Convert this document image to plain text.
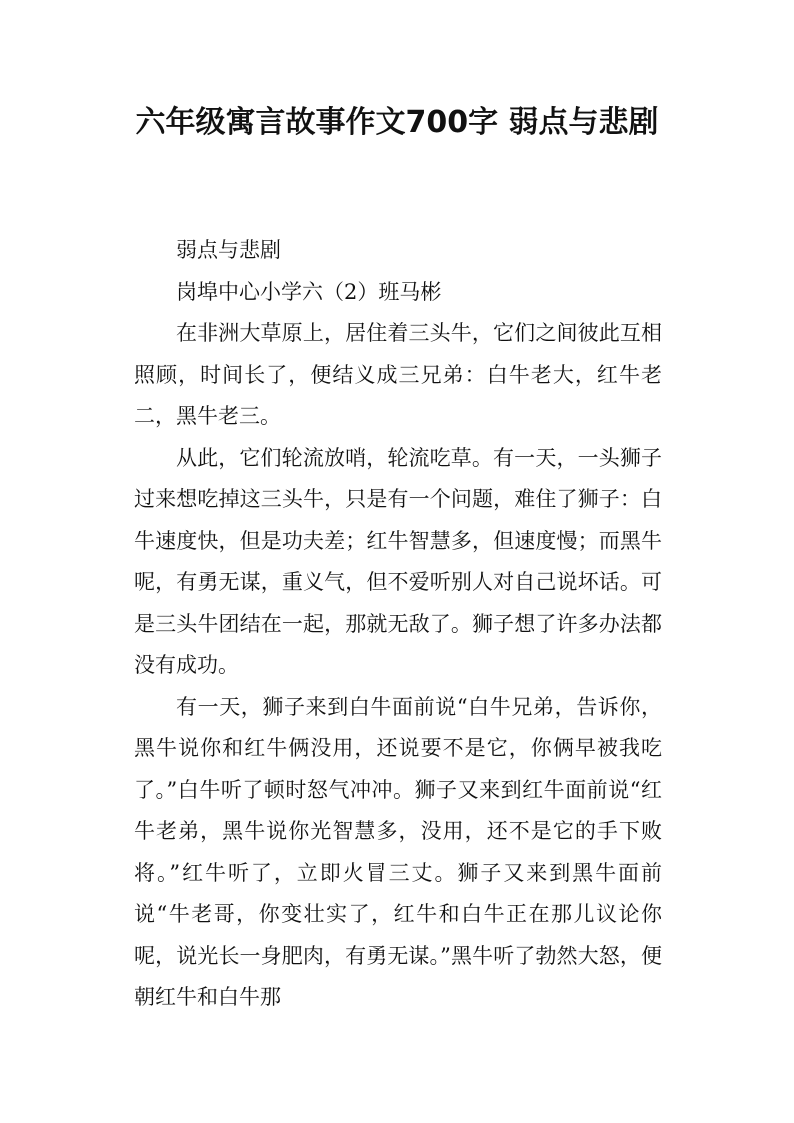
六年级寓言故事作文700字 弱点与悲剧

弱点与悲剧

岗埠中心小学六（2）班马彬

在非洲大草原上，居住着三头牛，它们之间彼此互相照顾，时间长了，便结义成三兄弟：白牛老大，红牛老二，黑牛老三。

从此，它们轮流放哨，轮流吃草。有一天，一头狮子过来想吃掉这三头牛，只是有一个问题，难住了狮子：白牛速度快，但是功夫差；红牛智慧多，但速度慢；而黑牛呢，有勇无谋，重义气，但不爱听别人对自己说坏话。可是三头牛团结在一起，那就无敌了。狮子想了许多办法都没有成功。

有一天，狮子来到白牛面前说“白牛兄弟，告诉你，黑牛说你和红牛俩没用，还说要不是它，你俩早被我吃了。”白牛听了顿时怒气冲冲。狮子又来到红牛面前说“红牛老弟，黑牛说你光智慧多，没用，还不是它的手下败将。”红牛听了，立即火冒三丈。狮子又来到黑牛面前说“牛老哥，你变壮实了，红牛和白牛正在那儿议论你呢，说光长一身肥肉，有勇无谋。”黑牛听了勃然大怒，便朝红牛和白牛那
